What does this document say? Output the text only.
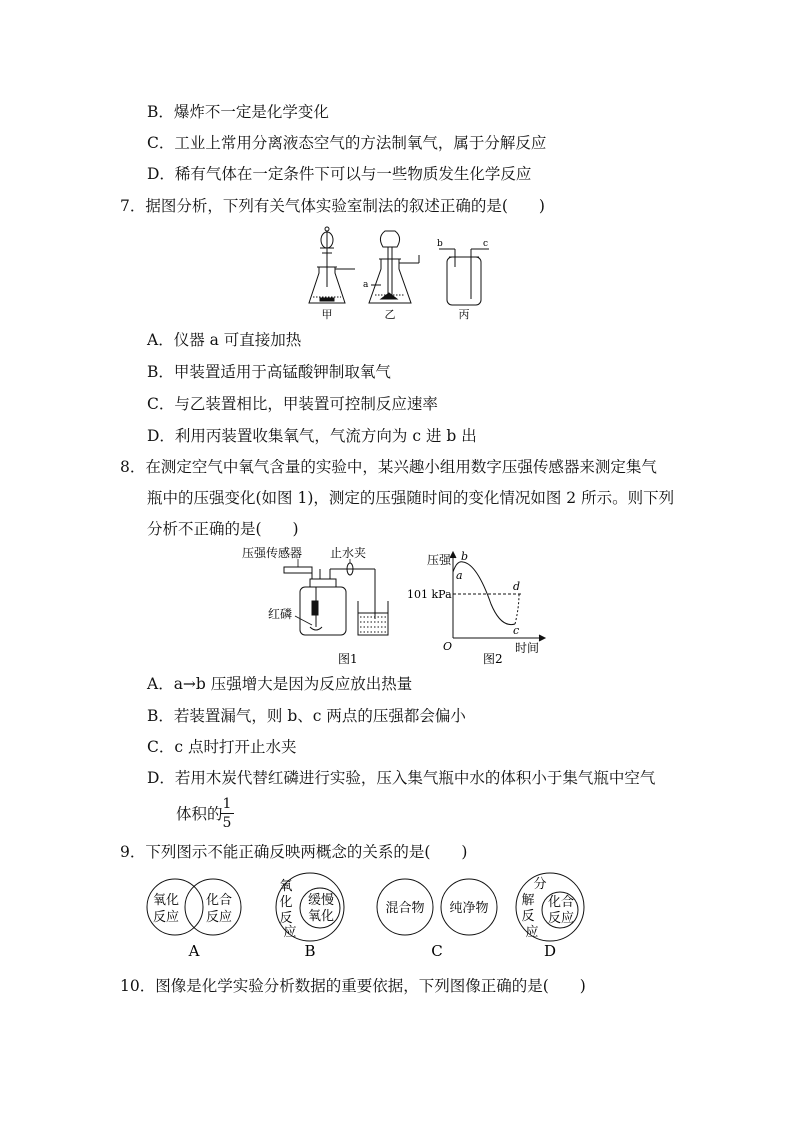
B．爆炸不一定是化学变化
C．工业上常用分离液态空气的方法制氧气，属于分解反应
D．稀有气体在一定条件下可以与一些物质发生化学反应
7．据图分析，下列有关气体实验室制法的叙述正确的是(　　)
甲	乙	丙
a
b	c
A．仪器 a 可直接加热
B．甲装置适用于高锰酸钾制取氧气
C．与乙装置相比，甲装置可控制反应速率
D．利用丙装置收集氧气，气流方向为 c 进 b 出
8．在测定空气中氧气含量的实验中，某兴趣小组用数字压强传感器来测定集气
瓶中的压强变化(如图 1)，测定的压强随时间的变化情况如图 2 所示。则下列
分析不正确的是(　　)
压强传感器 止水夹
红磷
图1
压强
时间
101 kPa
O
a
b
c
d
图2
A．a→b 压强增大是因为反应放出热量
B．若装置漏气，则 b、c 两点的压强都会偏小
C．c 点时打开止水夹
D．若用木炭代替红磷进行实验，压入集气瓶中水的体积小于集气瓶中空气
体积的
1
5
9．下列图示不能正确反映两概念的关系的是(　　)
氧化
反应
化合
反应
A
氧
化
反
应
缓慢
氧化
B
混合物 纯净物
C
分
解
反
应
化合
反应
D
10．图像是化学实验分析数据的重要依据，下列图像正确的是(　　)
